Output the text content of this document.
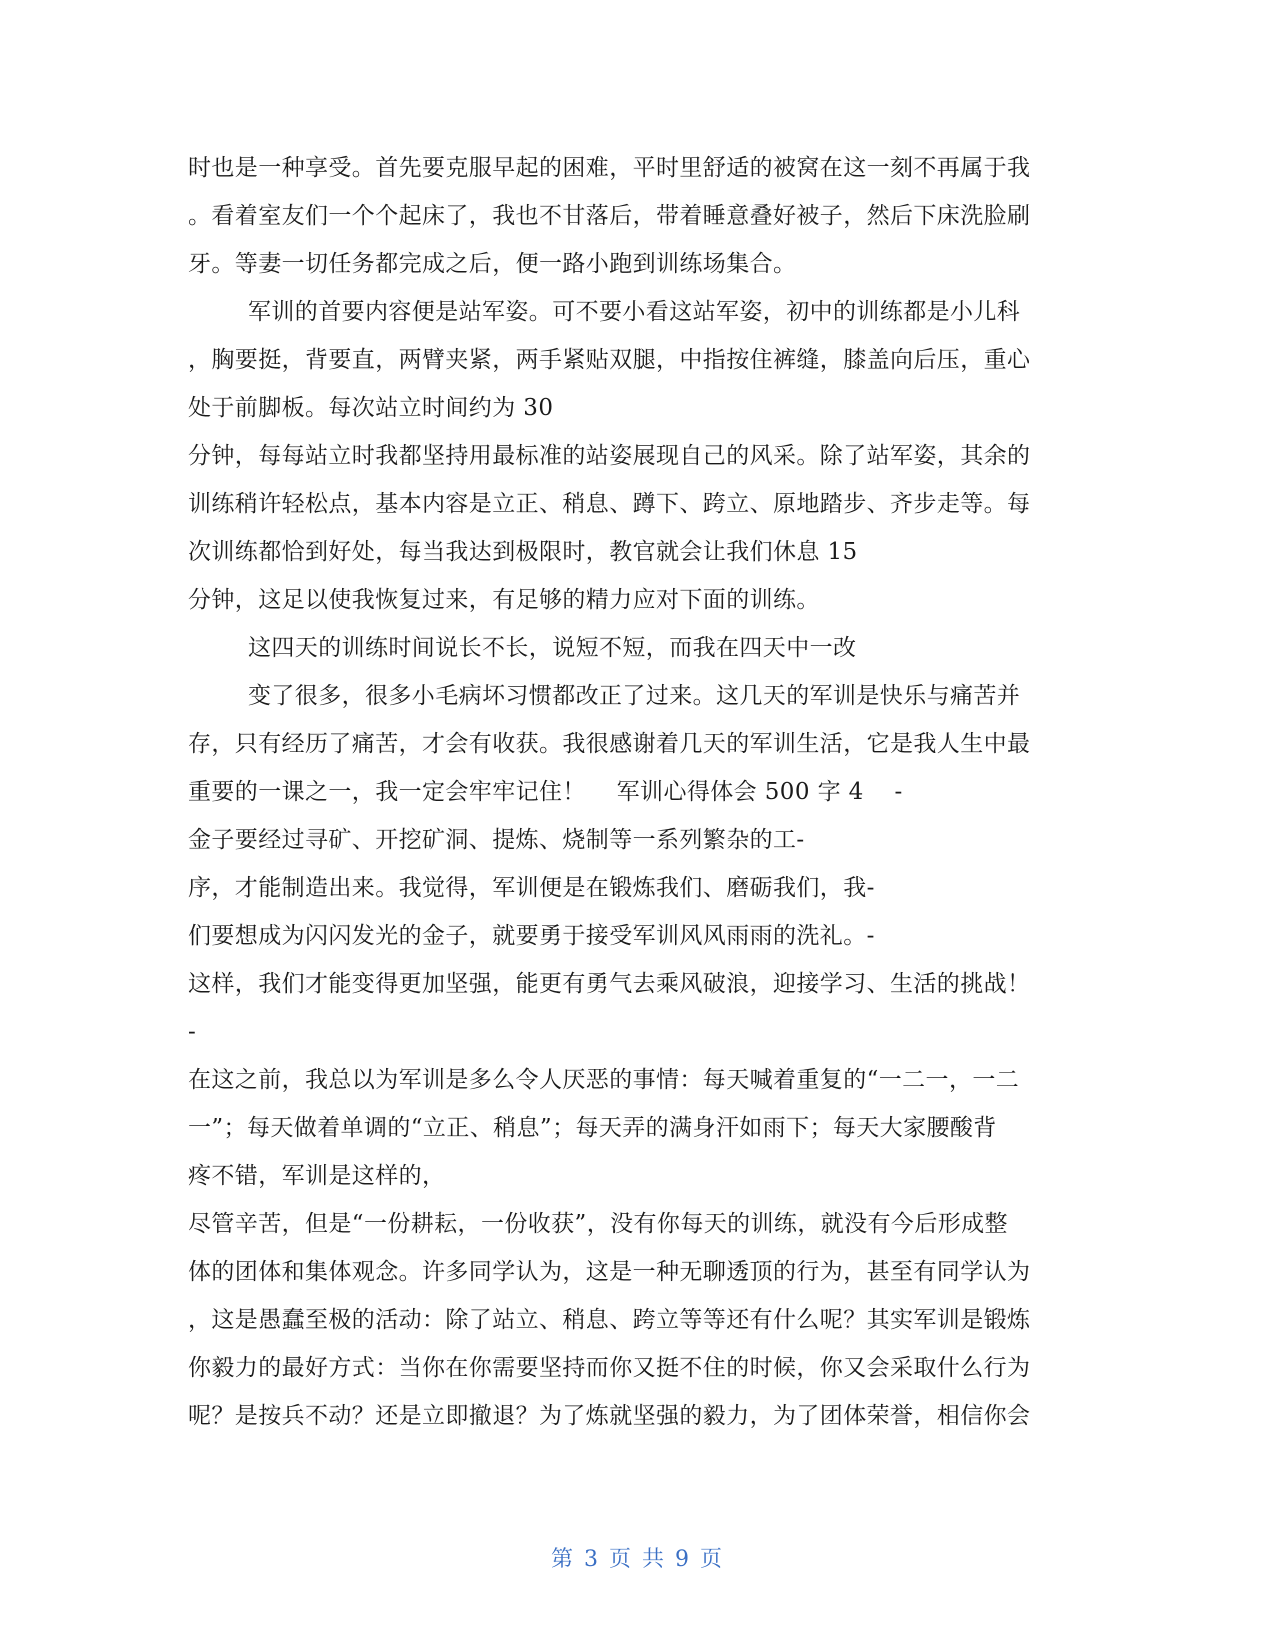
时也是一种享受。首先要克服早起的困难，平时里舒适的被窝在这一刻不再属于我
。看着室友们一个个起床了，我也不甘落后，带着睡意叠好被子，然后下床洗脸刷
牙。等妻一切任务都完成之后，便一路小跑到训练场集合。
军训的首要内容便是站军姿。可不要小看这站军姿，初中的训练都是小儿科
，胸要挺，背要直，两臂夹紧，两手紧贴双腿，中指按住裤缝，膝盖向后压，重心
处于前脚板。每次站立时间约为 30
分钟，每每站立时我都坚持用最标准的站姿展现自己的风采。除了站军姿，其余的
训练稍许轻松点，基本内容是立正、稍息、蹲下、跨立、原地踏步、齐步走等。每
次训练都恰到好处，每当我达到极限时，教官就会让我们休息 15
分钟，这足以使我恢复过来，有足够的精力应对下面的训练。
这四天的训练时间说长不长，说短不短，而我在四天中一改
变了很多，很多小毛病坏习惯都改正了过来。这几天的军训是快乐与痛苦并
存，只有经历了痛苦，才会有收获。我很感谢着几天的军训生活，它是我人生中最
重要的一课之一，我一定会牢牢记住！    军训心得体会 500 字 4    -
金子要经过寻矿、开挖矿洞、提炼、烧制等一系列繁杂的工-
序，才能制造出来。我觉得，军训便是在锻炼我们、磨砺我们，我-
们要想成为闪闪发光的金子，就要勇于接受军训风风雨雨的洗礼。-
这样，我们才能变得更加坚强，能更有勇气去乘风破浪，迎接学习、生活的挑战！
-
在这之前，我总以为军训是多么令人厌恶的事情：每天喊着重复的“一二一，一二
一”；每天做着单调的“立正、稍息”；每天弄的满身汗如雨下；每天大家腰酸背
疼不错，军训是这样的，
尽管辛苦，但是“一份耕耘，一份收获”，没有你每天的训练，就没有今后形成整
体的团体和集体观念。许多同学认为，这是一种无聊透顶的行为，甚至有同学认为
，这是愚蠢至极的活动：除了站立、稍息、跨立等等还有什么呢？其实军训是锻炼
你毅力的最好方式：当你在你需要坚持而你又挺不住的时候，你又会采取什么行为
呢？是按兵不动？还是立即撤退？为了炼就坚强的毅力，为了团体荣誉，相信你会
第 3 页 共 9 页
